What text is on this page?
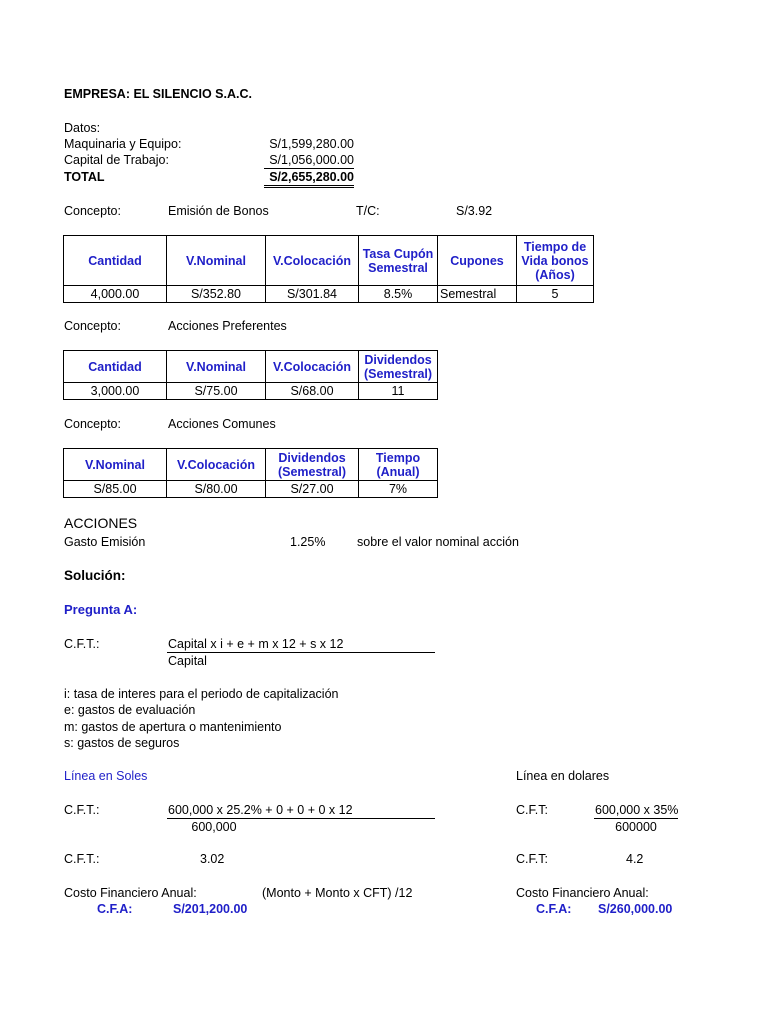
EMPRESA: EL SILENCIO S.A.C.
Datos:
Maquinaria y Equipo:	S/1,599,280.00
Capital de Trabajo:	S/1,056,000.00
TOTAL	S/2,655,280.00
Concepto:	Emisión de Bonos	T/C:	S/3.92
Cantidad	V.Nominal	V.Colocación	Tasa Cupón Semestral	Cupones	Tiempo de Vida bonos (Años)
4,000.00	S/352.80	S/301.84	8.5%	Semestral	5
Concepto:	Acciones Preferentes
Cantidad	V.Nominal	V.Colocación	Dividendos (Semestral)
3,000.00	S/75.00	S/68.00	11
Concepto:	Acciones Comunes
V.Nominal	V.Colocación	Dividendos (Semestral)	Tiempo (Anual)
S/85.00	S/80.00	S/27.00	7%
ACCIONES
Gasto Emisión	1.25%	sobre el valor nominal acción
Solución:
Pregunta A:
C.F.T.:	Capital x i + e + m x 12 + s x 12
Capital
i: tasa de interes para el periodo de capitalización
e: gastos de evaluación
m: gastos de apertura o mantenimiento
s: gastos de seguros
Línea en Soles
C.F.T.:	600,000 x 25.2% + 0 + 0 + 0 x 12
600,000
C.F.T.:	3.02
Costo Financiero Anual:	(Monto + Monto x CFT) /12
C.F.A:	S/201,200.00
Línea en dolares
C.F.T:	600,000 x 35%
600000
C.F.T:	4.2
Costo Financiero Anual:
C.F.A: S/260,000.00
